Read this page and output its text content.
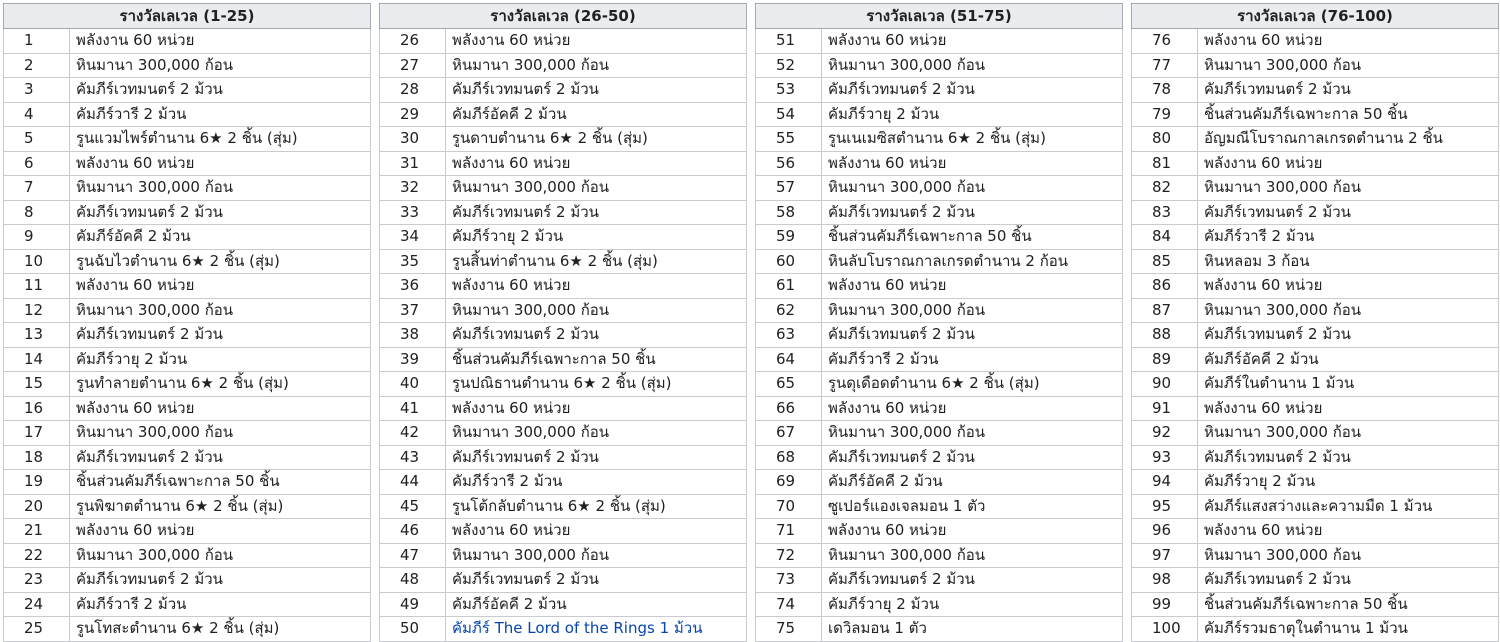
รางวัลเลเวล (1-25)	
1	พลังงาน 60 หน่วย
2	หินมานา 300,000 ก้อน
3	คัมภีร์เวทมนตร์ 2 ม้วน
4	คัมภีร์วารี 2 ม้วน
5	รูนแวมไพร์ตำนาน 6★ 2 ชิ้น (สุ่ม)
6	พลังงาน 60 หน่วย
7	หินมานา 300,000 ก้อน
8	คัมภีร์เวทมนตร์ 2 ม้วน
9	คัมภีร์อัคคี 2 ม้วน
10	รูนฉับไวตำนาน 6★ 2 ชิ้น (สุ่ม)
11	พลังงาน 60 หน่วย
12	หินมานา 300,000 ก้อน
13	คัมภีร์เวทมนตร์ 2 ม้วน
14	คัมภีร์วายุ 2 ม้วน
15	รูนทำลายตำนาน 6★ 2 ชิ้น (สุ่ม)
16	พลังงาน 60 หน่วย
17	หินมานา 300,000 ก้อน
18	คัมภีร์เวทมนตร์ 2 ม้วน
19	ชิ้นส่วนคัมภีร์เฉพาะกาล 50 ชิ้น
20	รูนพิฆาตตำนาน 6★ 2 ชิ้น (สุ่ม)
21	พลังงาน 60 หน่วย
22	หินมานา 300,000 ก้อน
23	คัมภีร์เวทมนตร์ 2 ม้วน
24	คัมภีร์วารี 2 ม้วน
25	รูนโทสะตำนาน 6★ 2 ชิ้น (สุ่ม)
รางวัลเลเวล (26-50)	
26	พลังงาน 60 หน่วย
27	หินมานา 300,000 ก้อน
28	คัมภีร์เวทมนตร์ 2 ม้วน
29	คัมภีร์อัคคี 2 ม้วน
30	รูนดาบตำนาน 6★ 2 ชิ้น (สุ่ม)
31	พลังงาน 60 หน่วย
32	หินมานา 300,000 ก้อน
33	คัมภีร์เวทมนตร์ 2 ม้วน
34	คัมภีร์วายุ 2 ม้วน
35	รูนสิ้นท่าตำนาน 6★ 2 ชิ้น (สุ่ม)
36	พลังงาน 60 หน่วย
37	หินมานา 300,000 ก้อน
38	คัมภีร์เวทมนตร์ 2 ม้วน
39	ชิ้นส่วนคัมภีร์เฉพาะกาล 50 ชิ้น
40	รูนปณิธานตำนาน 6★ 2 ชิ้น (สุ่ม)
41	พลังงาน 60 หน่วย
42	หินมานา 300,000 ก้อน
43	คัมภีร์เวทมนตร์ 2 ม้วน
44	คัมภีร์วารี 2 ม้วน
45	รูนโต้กลับตำนาน 6★ 2 ชิ้น (สุ่ม)
46	พลังงาน 60 หน่วย
47	หินมานา 300,000 ก้อน
48	คัมภีร์เวทมนตร์ 2 ม้วน
49	คัมภีร์อัคคี 2 ม้วน
50	คัมภีร์ The Lord of the Rings 1 ม้วน
รางวัลเลเวล (51-75)	
51	พลังงาน 60 หน่วย
52	หินมานา 300,000 ก้อน
53	คัมภีร์เวทมนตร์ 2 ม้วน
54	คัมภีร์วายุ 2 ม้วน
55	รูนเนเมซิสตำนาน 6★ 2 ชิ้น (สุ่ม)
56	พลังงาน 60 หน่วย
57	หินมานา 300,000 ก้อน
58	คัมภีร์เวทมนตร์ 2 ม้วน
59	ชิ้นส่วนคัมภีร์เฉพาะกาล 50 ชิ้น
60	หินลับโบราณกาลเกรดตำนาน 2 ก้อน
61	พลังงาน 60 หน่วย
62	หินมานา 300,000 ก้อน
63	คัมภีร์เวทมนตร์ 2 ม้วน
64	คัมภีร์วารี 2 ม้วน
65	รูนดุเดือดตำนาน 6★ 2 ชิ้น (สุ่ม)
66	พลังงาน 60 หน่วย
67	หินมานา 300,000 ก้อน
68	คัมภีร์เวทมนตร์ 2 ม้วน
69	คัมภีร์อัคคี 2 ม้วน
70	ซูเปอร์แองเจลมอน 1 ตัว
71	พลังงาน 60 หน่วย
72	หินมานา 300,000 ก้อน
73	คัมภีร์เวทมนตร์ 2 ม้วน
74	คัมภีร์วายุ 2 ม้วน
75	เดวิลมอน 1 ตัว
รางวัลเลเวล (76-100)	
76	พลังงาน 60 หน่วย
77	หินมานา 300,000 ก้อน
78	คัมภีร์เวทมนตร์ 2 ม้วน
79	ชิ้นส่วนคัมภีร์เฉพาะกาล 50 ชิ้น
80	อัญมณีโบราณกาลเกรดตำนาน 2 ชิ้น
81	พลังงาน 60 หน่วย
82	หินมานา 300,000 ก้อน
83	คัมภีร์เวทมนตร์ 2 ม้วน
84	คัมภีร์วารี 2 ม้วน
85	หินหลอม 3 ก้อน
86	พลังงาน 60 หน่วย
87	หินมานา 300,000 ก้อน
88	คัมภีร์เวทมนตร์ 2 ม้วน
89	คัมภีร์อัคคี 2 ม้วน
90	คัมภีร์ในตำนาน 1 ม้วน
91	พลังงาน 60 หน่วย
92	หินมานา 300,000 ก้อน
93	คัมภีร์เวทมนตร์ 2 ม้วน
94	คัมภีร์วายุ 2 ม้วน
95	คัมภีร์แสงสว่างและความมืด 1 ม้วน
96	พลังงาน 60 หน่วย
97	หินมานา 300,000 ก้อน
98	คัมภีร์เวทมนตร์ 2 ม้วน
99	ชิ้นส่วนคัมภีร์เฉพาะกาล 50 ชิ้น
100	คัมภีร์รวมธาตุในตำนาน 1 ม้วน
